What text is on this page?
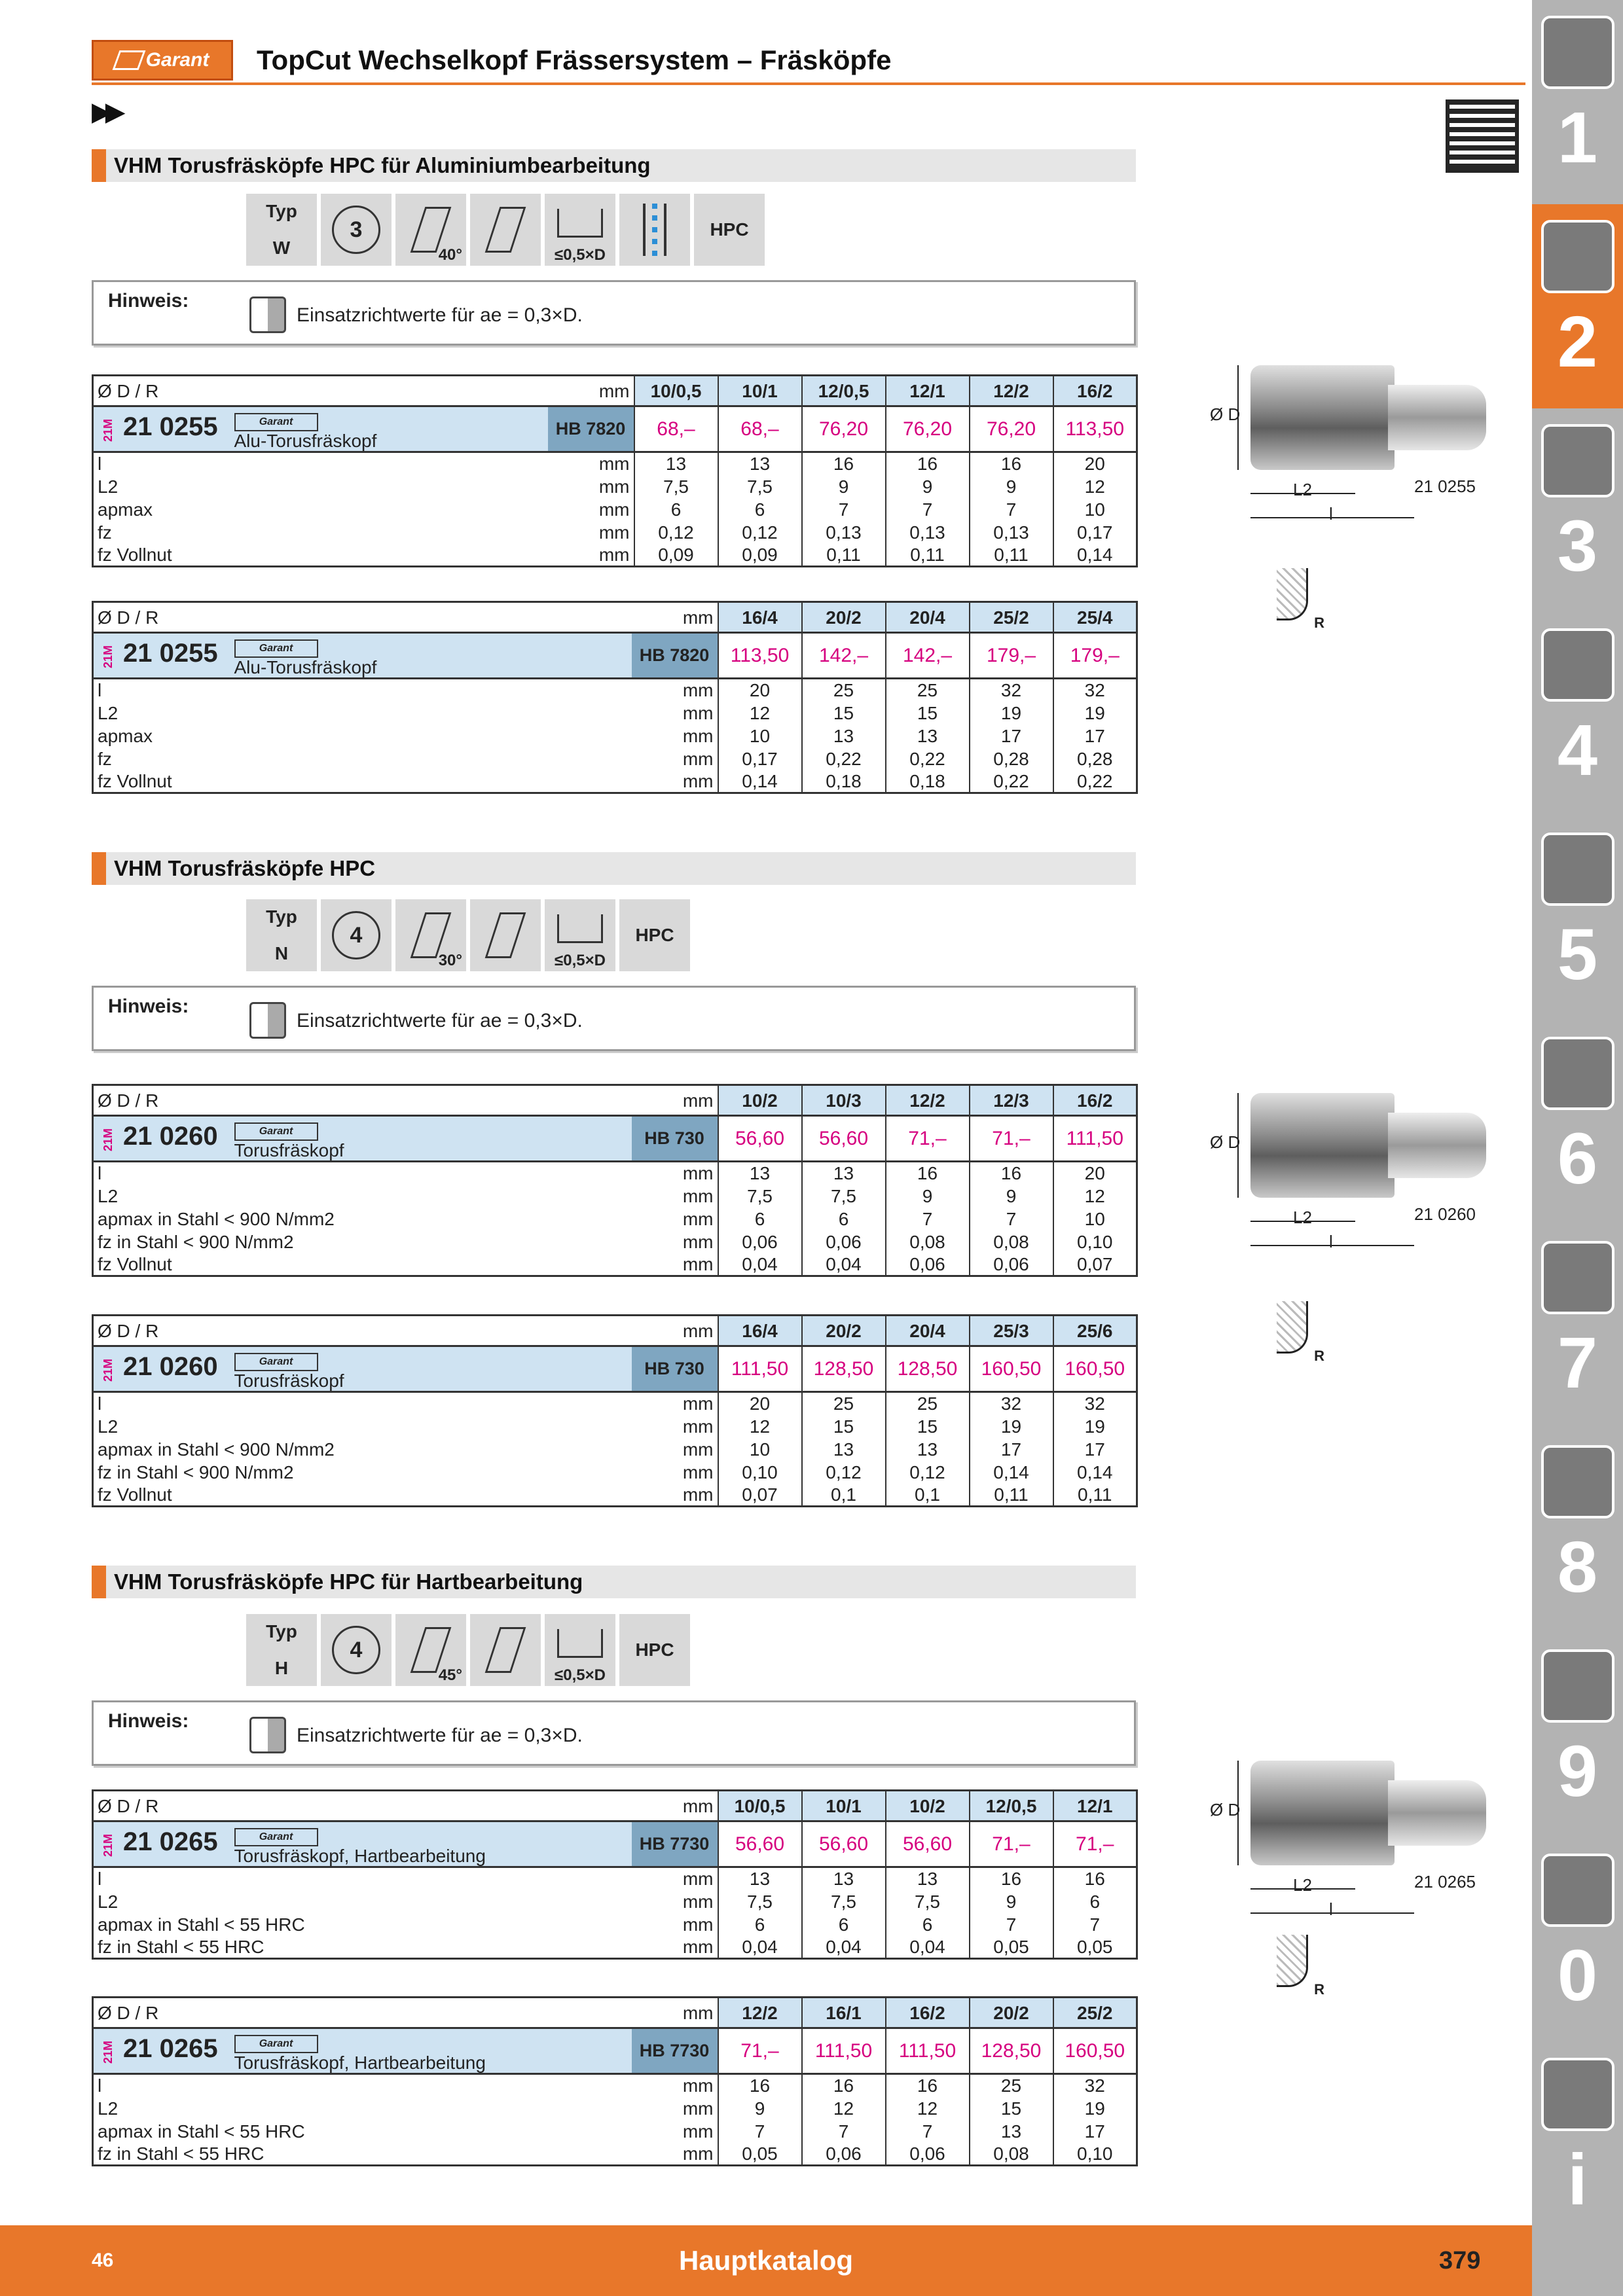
Garant TopCut Wechselkopf Frässersystem – Fräsköpfe
▶▶	1
2
3
4
5
6
7
8
9
0
i
VHM Torusfräsköpfe HPC für Aluminiumbearbeitung
Typ

W
3
40°	≤0,5×D
HPC
Hinweis:
Einsatzrichtwerte für ae = 0,3×D.
Ø D / R		mm		10/0,5	10/1	12/0,5	12/1	12/2	16/2
21M 21 0255	Garant
Alu-Torusfräskopf		HB 7820	68,–	68,–	76,20	76,20	76,20	113,50
l		mm		13	13	16	16	16	20
L2		mm		7,5	7,5	9	9	9	12
apmax		mm		6	6	7	7	7	10
fz		mm		0,12	0,12	0,13	0,13	0,13	0,17
fz Vollnut		mm		0,09	0,09	0,11	0,11	0,11	0,14
Ø D / R		mm		16/4	20/2	20/4	25/2	25/4
21M 21 0255	Garant
Alu-Torusfräskopf		HB 7820	113,50	142,–	142,–	179,–	179,–
l		mm		20	25	25	32	32
L2		mm		12	15	15	19	19
apmax		mm		10	13	13	17	17
fz		mm		0,17	0,22	0,22	0,28	0,28
fz Vollnut		mm		0,14	0,18	0,18	0,22	0,22
Ø D
L2
l
21 0255
R
VHM Torusfräsköpfe HPC
Typ

N
4
30°	≤0,5×D
HPC
Hinweis:
Einsatzrichtwerte für ae = 0,3×D.
Ø D / R		mm		10/2	10/3	12/2	12/3	16/2
21M 21 0260	Garant
Torusfräskopf		HB 730	56,60	56,60	71,–	71,–	111,50
l		mm		13	13	16	16	20
L2		mm		7,5	7,5	9	9	12
apmax in Stahl < 900 N/mm2		mm		6	6	7	7	10
fz in Stahl < 900 N/mm2		mm		0,06	0,06	0,08	0,08	0,10
fz Vollnut		mm		0,04	0,04	0,06	0,06	0,07
Ø D / R		mm		16/4	20/2	20/4	25/3	25/6
21M 21 0260	Garant
Torusfräskopf		HB 730	111,50	128,50	128,50	160,50	160,50
l		mm		20	25	25	32	32
L2		mm		12	15	15	19	19
apmax in Stahl < 900 N/mm2		mm		10	13	13	17	17
fz in Stahl < 900 N/mm2		mm		0,10	0,12	0,12	0,14	0,14
fz Vollnut		mm		0,07	0,1	0,1	0,11	0,11
Ø D
L2
l
21 0260
R
VHM Torusfräsköpfe HPC für Hartbearbeitung
Typ

H
4
45°	≤0,5×D
HPC
Hinweis:
Einsatzrichtwerte für ae = 0,3×D.
Ø D / R		mm		10/0,5	10/1	10/2	12/0,5	12/1
21M 21 0265	Garant
Torusfräskopf, Hartbearbeitung		HB 7730	56,60	56,60	56,60	71,–	71,–
l		mm		13	13	13	16	16
L2		mm		7,5	7,5	7,5	9	6
apmax in Stahl < 55 HRC		mm		6	6	6	7	7
fz in Stahl < 55 HRC		mm		0,04	0,04	0,04	0,05	0,05
Ø D / R		mm		12/2	16/1	16/2	20/2	25/2
21M 21 0265	Garant
Torusfräskopf, Hartbearbeitung		HB 7730	71,–	111,50	111,50	128,50	160,50
l		mm		16	16	16	25	32
L2		mm		9	12	12	15	19
apmax in Stahl < 55 HRC		mm		7	7	7	13	17
fz in Stahl < 55 HRC		mm		0,05	0,06	0,06	0,08	0,10
Ø D
L2
l
21 0265
R
46	Hauptkatalog	379
